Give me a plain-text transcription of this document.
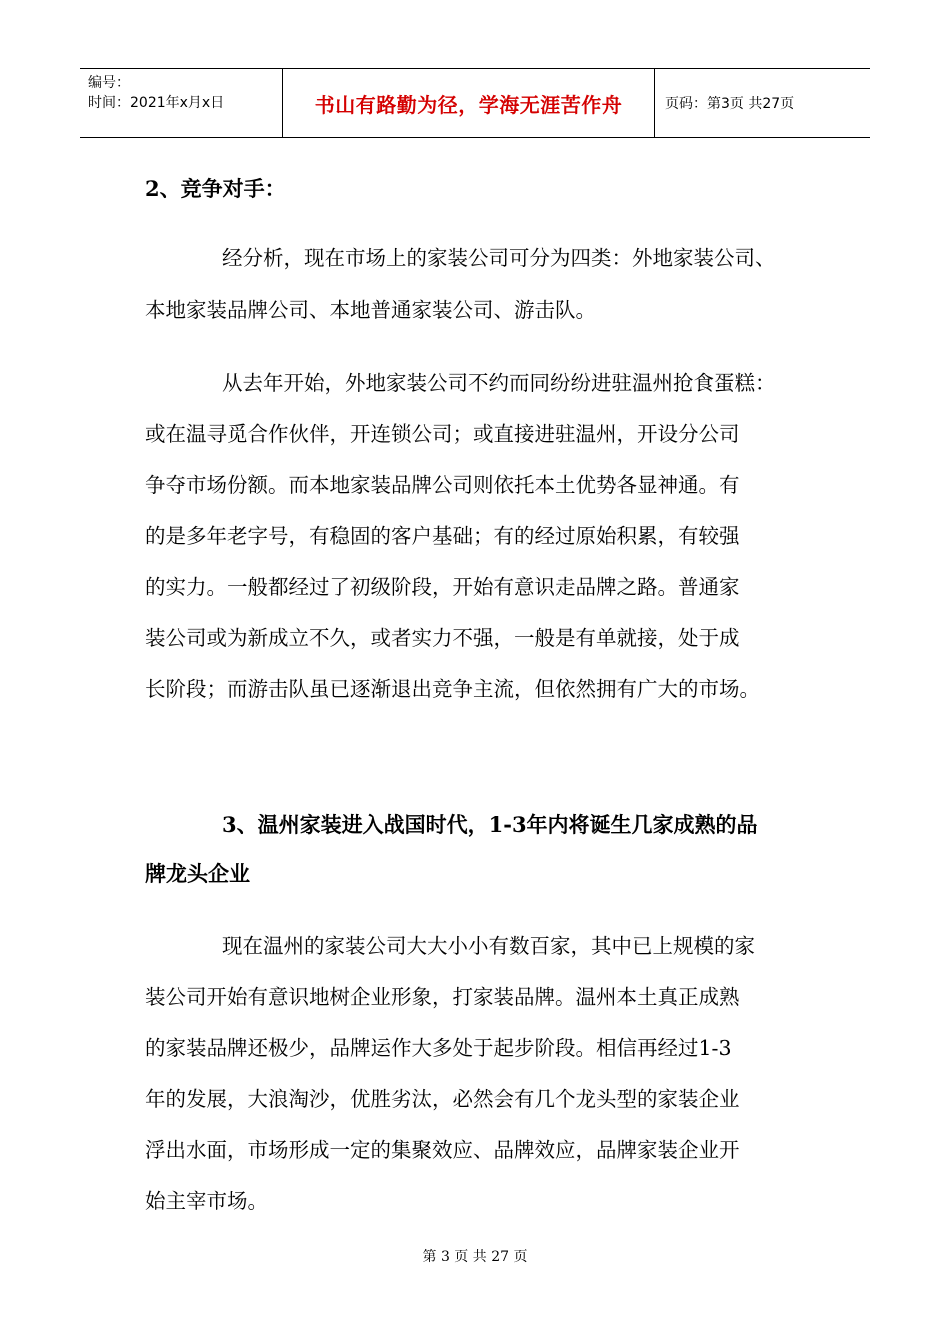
编号：
时间：2021年x月x日	书山有路勤为径，学海无涯苦作舟	页码：第3页 共27页
2、竞争对手：
经分析，现在市场上的家装公司可分为四类：外地家装公司、
本地家装品牌公司、本地普通家装公司、游击队。
从去年开始，外地家装公司不约而同纷纷进驻温州抢食蛋糕：
或在温寻觅合作伙伴，开连锁公司；或直接进驻温州，开设分公司
争夺市场份额。而本地家装品牌公司则依托本土优势各显神通。有
的是多年老字号，有稳固的客户基础；有的经过原始积累，有较强
的实力。一般都经过了初级阶段，开始有意识走品牌之路。普通家
装公司或为新成立不久，或者实力不强，一般是有单就接，处于成
长阶段；而游击队虽已逐渐退出竞争主流，但依然拥有广大的市场。
3、温州家装进入战国时代，1-3年内将诞生几家成熟的品
牌龙头企业
现在温州的家装公司大大小小有数百家，其中已上规模的家
装公司开始有意识地树企业形象，打家装品牌。温州本土真正成熟
的家装品牌还极少，品牌运作大多处于起步阶段。相信再经过1-3
年的发展，大浪淘沙，优胜劣汰，必然会有几个龙头型的家装企业
浮出水面，市场形成一定的集聚效应、品牌效应，品牌家装企业开
始主宰市场。
第 3 页 共 27 页
